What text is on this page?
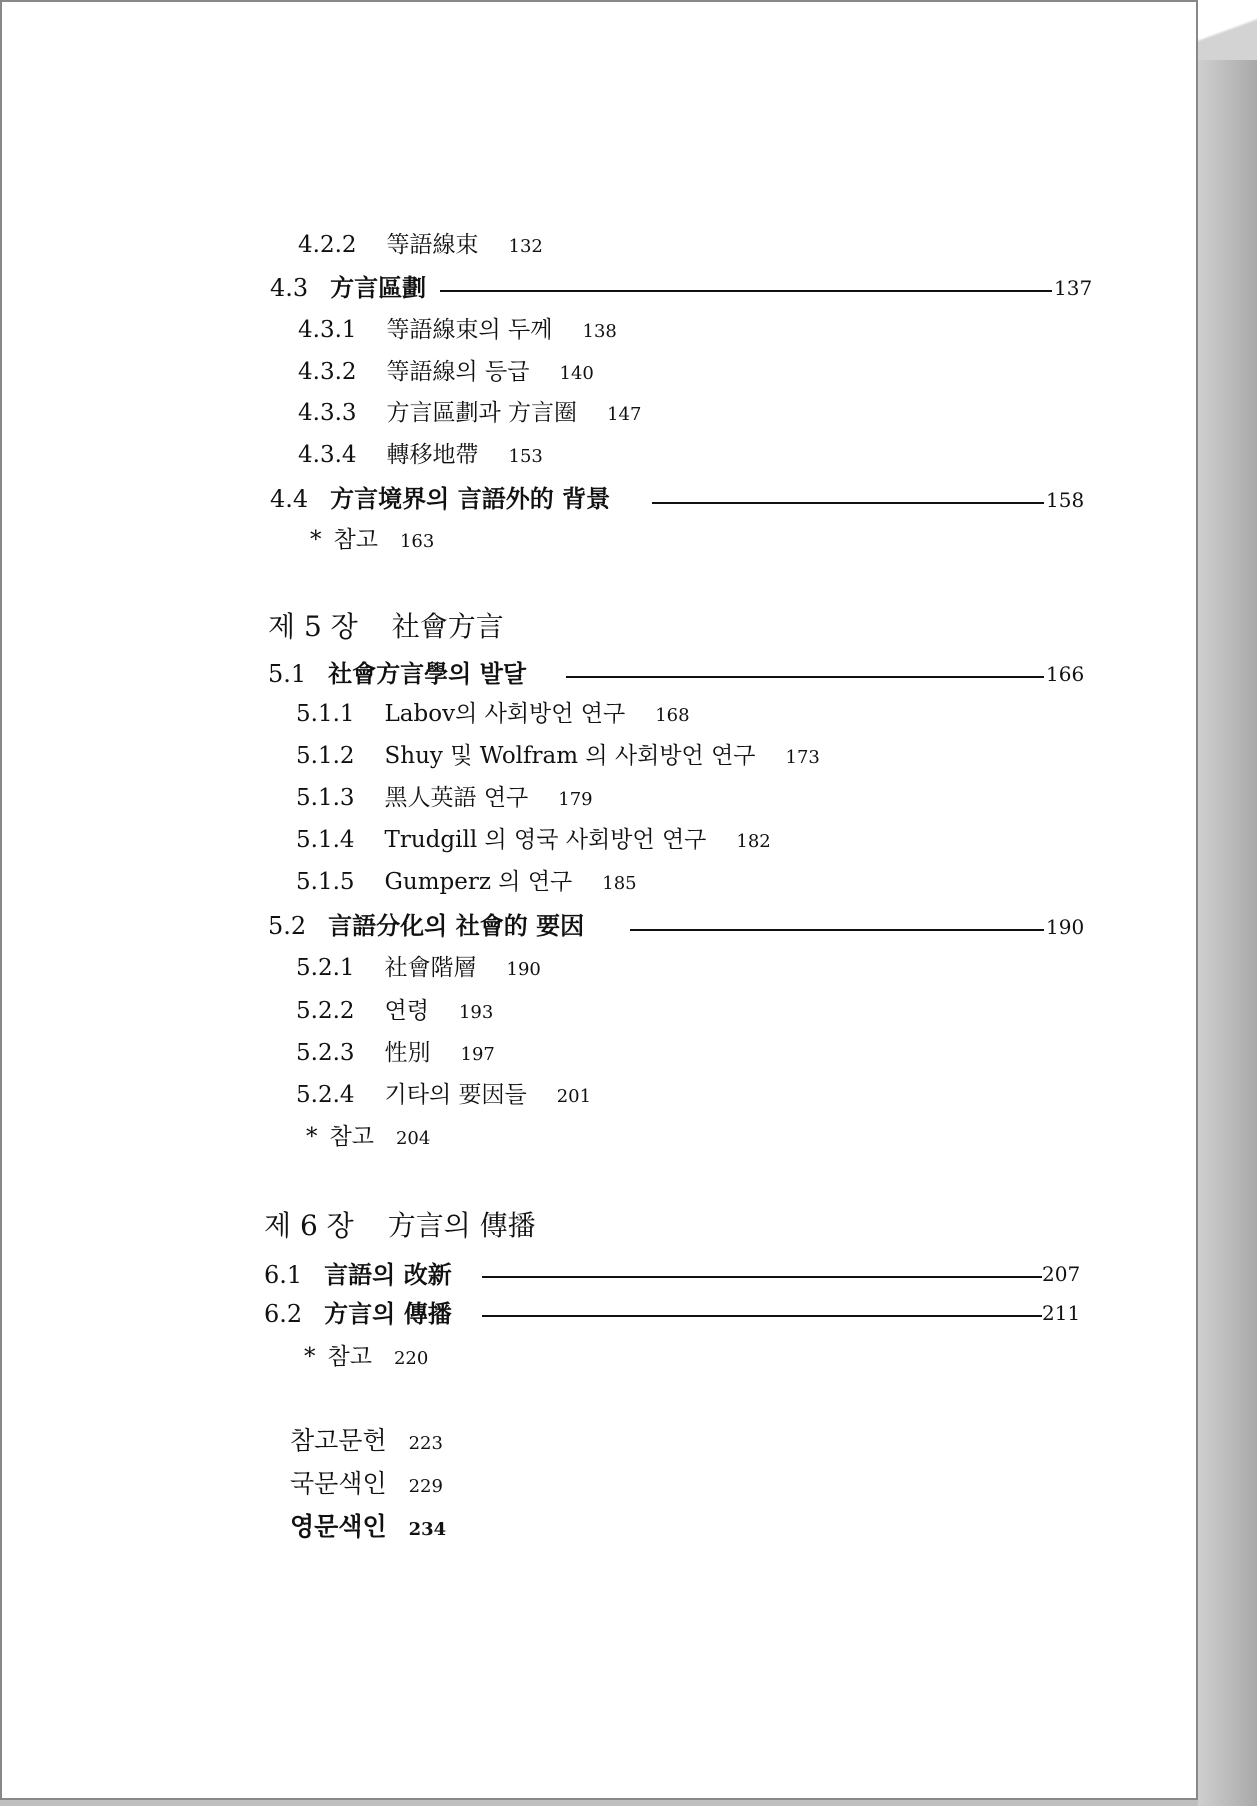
4.2.2 等語線束 132
4.3 方言區劃	137
4.3.1 等語線束의 두께 138
4.3.2 等語線의 등급 140
4.3.3 方言區劃과 方言圈 147
4.3.4 轉移地帶 153
4.4 方言境界의 言語外的 背景	158
* 참고 163
제 5 장 社會方言
5.1 社會方言學의 발달	166
5.1.1 Labov의 사회방언 연구 168
5.1.2 Shuy 및 Wolfram 의 사회방언 연구 173
5.1.3 黑人英語 연구 179
5.1.4 Trudgill 의 영국 사회방언 연구 182
5.1.5 Gumperz 의 연구 185
5.2 言語分化의 社會的 要因	190
5.2.1 社會階層 190
5.2.2 연령 193
5.2.3 性別 197
5.2.4 기타의 要因들 201
* 참고 204
제 6 장 方言의 傳播
6.1 言語의 改新	207
6.2 方言의 傳播	211
* 참고 220
참고문헌 223
국문색인 229
영문색인 234
